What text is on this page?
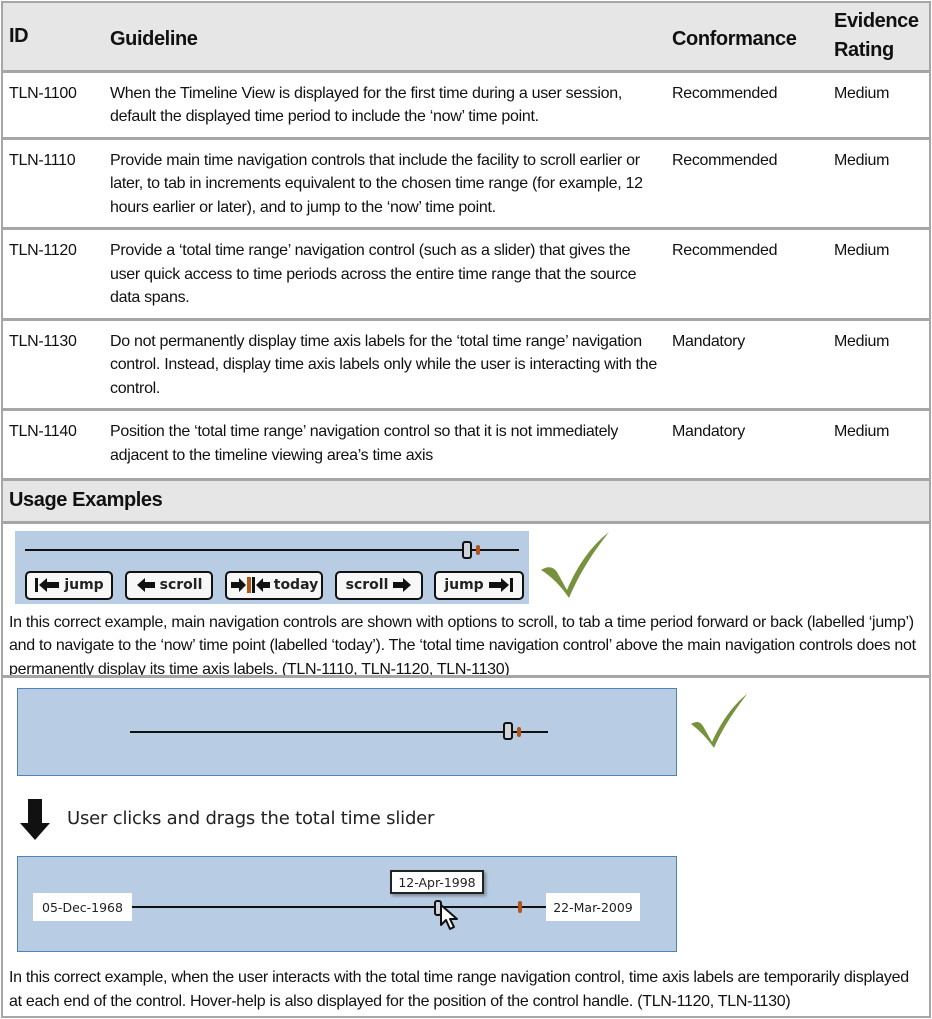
ID	Guideline	Conformance	Evidence Rating
TLN-1100	When the Timeline View is displayed for the first time during a user session, default the displayed time period to include the ‘now’ time point.	Recommended	Medium
TLN-1110	Provide main time navigation controls that include the facility to scroll earlier or later, to tab in increments equivalent to the chosen time range (for example, 12 hours earlier or later), and to jump to the ‘now’ time point.	Recommended	Medium
TLN-1120	Provide a ‘total time range’ navigation control (such as a slider) that gives the user quick access to time periods across the entire time range that the source data spans.	Recommended	Medium
TLN-1130	Do not permanently display time axis labels for the ‘total time range’ navigation control. Instead, display time axis labels only while the user is interacting with the control.	Mandatory	Medium
TLN-1140	Position the ‘total time range’ navigation control so that it is not immediately adjacent to the timeline viewing area’s time axis	Mandatory	Medium
Usage Examples
jump	scroll	today scroll	jump
In this correct example, main navigation controls are shown with options to scroll, to tab a time period forward or back (labelled ‘jump’) and to navigate to the ‘now’ time point (labelled ‘today’). The ‘total time navigation control’ above the main navigation controls does not permanently display its time axis labels. (TLN-1110, TLN-1120, TLN-1130)
User clicks and drags the total time slider
05-Dec-1968	22-Mar-2009
12-Apr-1998
In this correct example, when the user interacts with the total time range navigation control, time axis labels are temporarily displayed at each end of the control. Hover-help is also displayed for the position of the control handle. (TLN-1120, TLN-1130)
